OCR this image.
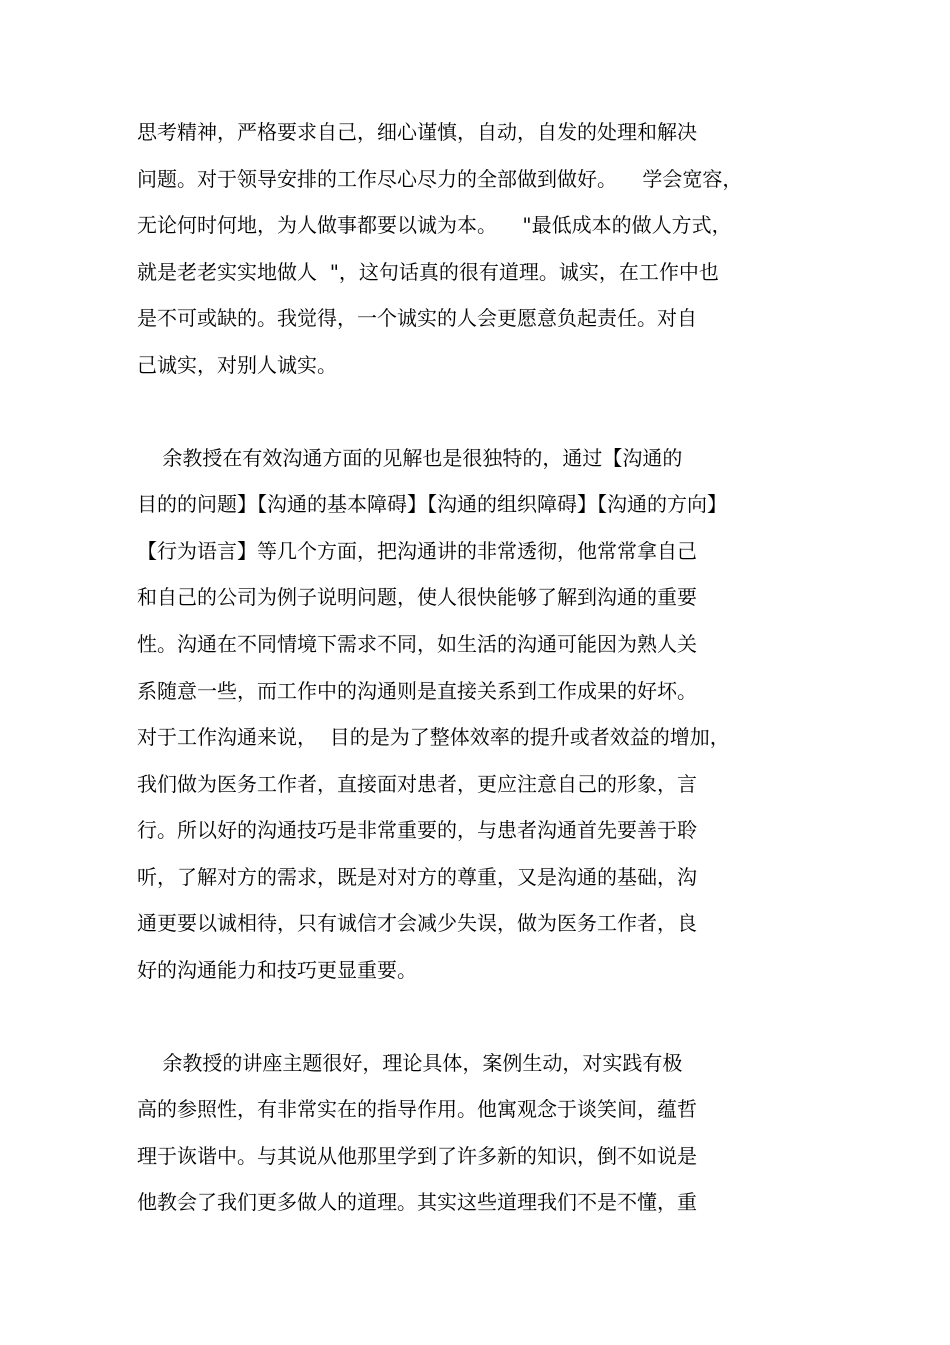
思考精神，严格要求自己，细心谨慎，自动，自发的处理和解决

问题。对于领导安排的工作尽心尽力的全部做到做好。    学会宽容，

无论何时何地，为人做事都要以诚为本。    "最低成本的做人方式，

就是老老实实地做人  "，这句话真的很有道理。诚实，在工作中也

是不可或缺的。我觉得，一个诚实的人会更愿意负起责任。对自

己诚实，对别人诚实。

余教授在有效沟通方面的见解也是很独特的，通过【沟通的

目的的问题】【沟通的基本障碍】【沟通的组织障碍】【沟通的方向】

【行为语言】等几个方面，把沟通讲的非常透彻，他常常拿自己

和自己的公司为例子说明问题，使人很快能够了解到沟通的重要

性。沟通在不同情境下需求不同，如生活的沟通可能因为熟人关

系随意一些，而工作中的沟通则是直接关系到工作成果的好坏。

对于工作沟通来说，  目的是为了整体效率的提升或者效益的增加，

我们做为医务工作者，直接面对患者，更应注意自己的形象，言

行。所以好的沟通技巧是非常重要的，与患者沟通首先要善于聆

听，了解对方的需求，既是对对方的尊重，又是沟通的基础，沟

通更要以诚相待，只有诚信才会减少失误，做为医务工作者，良

好的沟通能力和技巧更显重要。

余教授的讲座主题很好，理论具体，案例生动，对实践有极

高的参照性，有非常实在的指导作用。他寓观念于谈笑间，蕴哲

理于诙谐中。与其说从他那里学到了许多新的知识，倒不如说是

他教会了我们更多做人的道理。其实这些道理我们不是不懂，重
